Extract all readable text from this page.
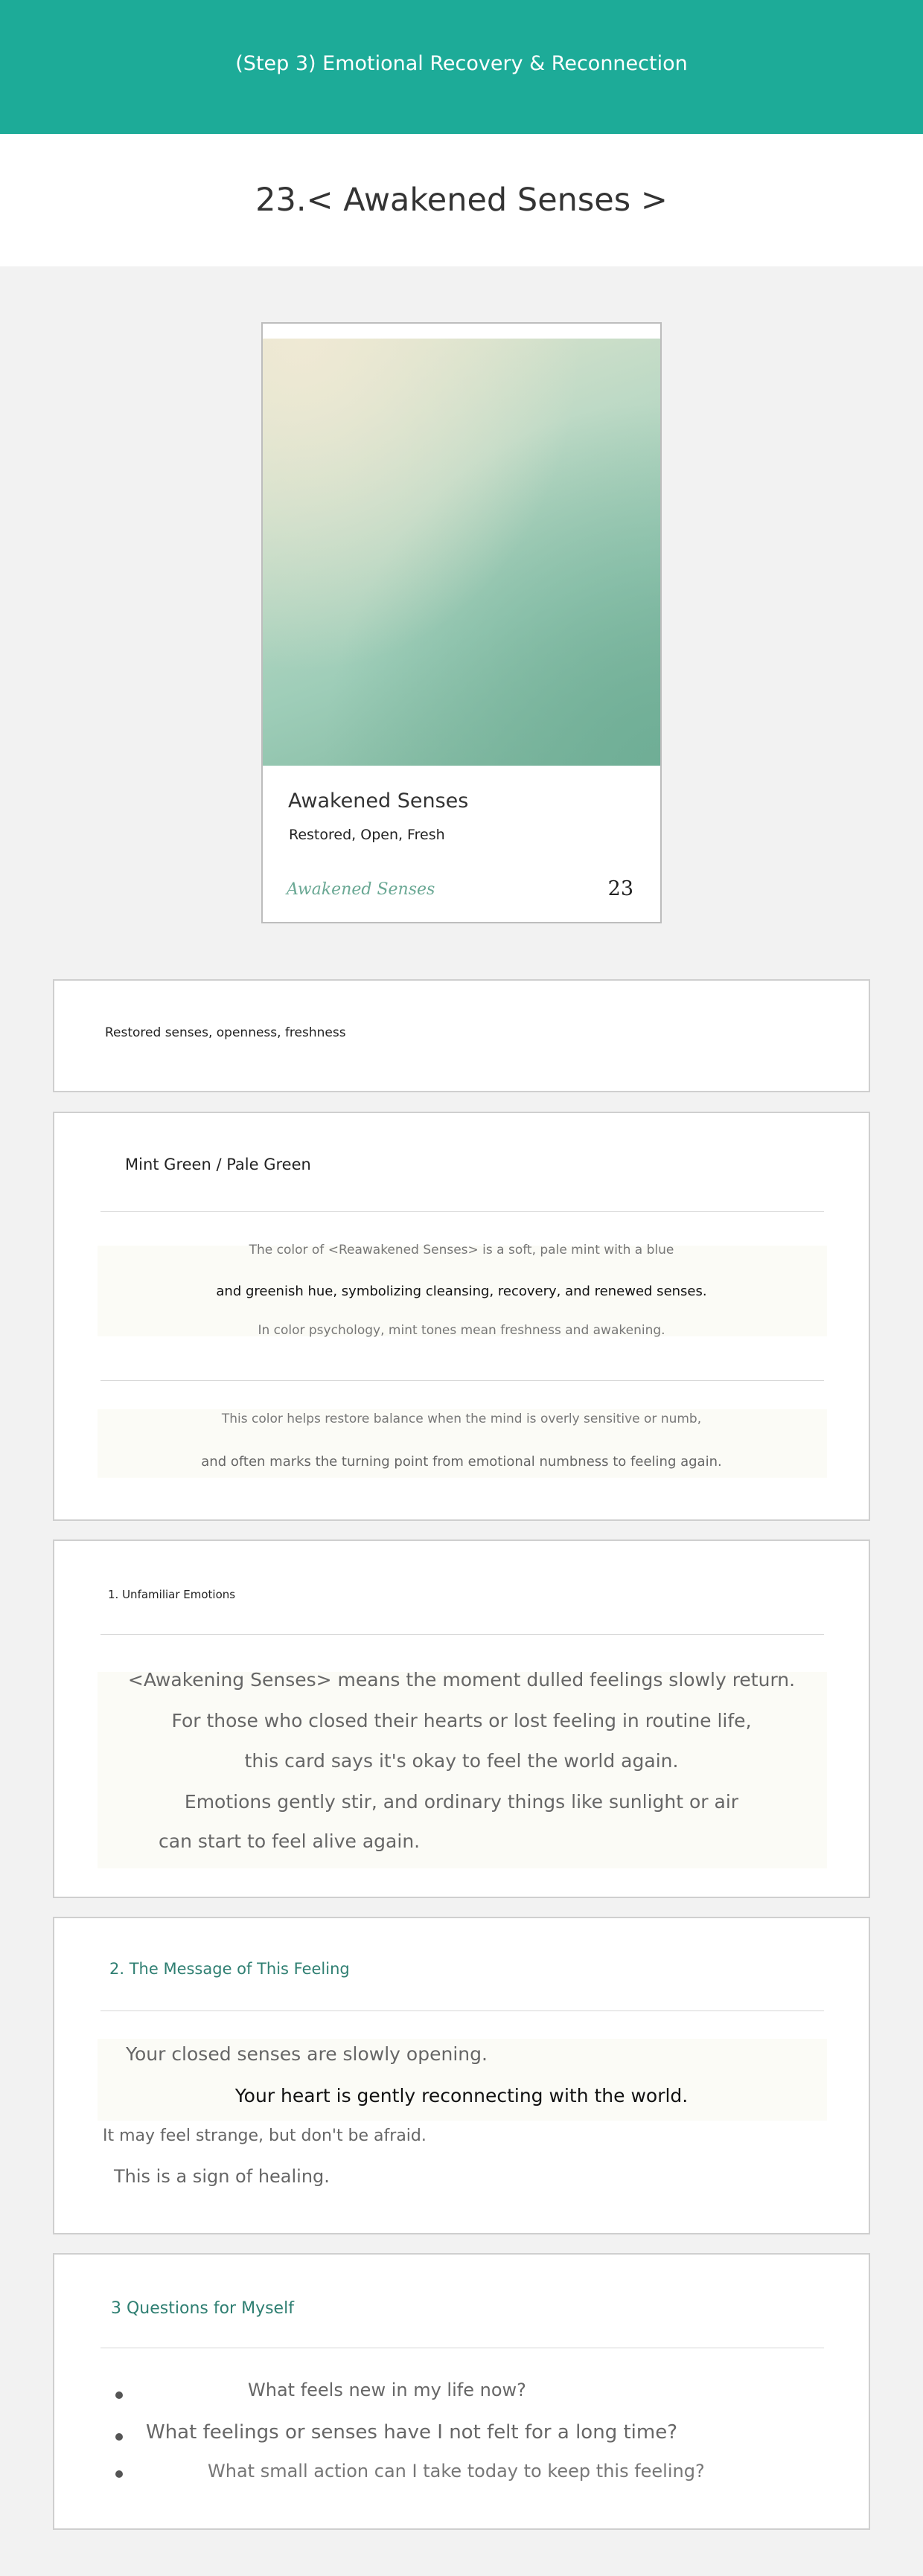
(Step 3) Emotional Recovery & Reconnection
23.< Awakened Senses >
Awakened Senses
Restored, Open, Fresh
Awakened Senses	23
Restored senses, openness, freshness
Mint Green / Pale Green
The color of <Reawakened Senses> is a soft, pale mint with a blue
and greenish hue, symbolizing cleansing, recovery, and renewed senses.
In color psychology, mint tones mean freshness and awakening.
This color helps restore balance when the mind is overly sensitive or numb,
and often marks the turning point from emotional numbness to feeling again.
1. Unfamiliar Emotions
<Awakening Senses> means the moment dulled feelings slowly return.
For those who closed their hearts or lost feeling in routine life,
this card says it's okay to feel the world again.
Emotions gently stir, and ordinary things like sunlight or air
can start to feel alive again.
2. The Message of This Feeling
Your closed senses are slowly opening.
Your heart is gently reconnecting with the world.
It may feel strange, but don't be afraid.
This is a sign of healing.
3 Questions for Myself
What feels new in my life now?
What feelings or senses have I not felt for a long time?
What small action can I take today to keep this feeling?
